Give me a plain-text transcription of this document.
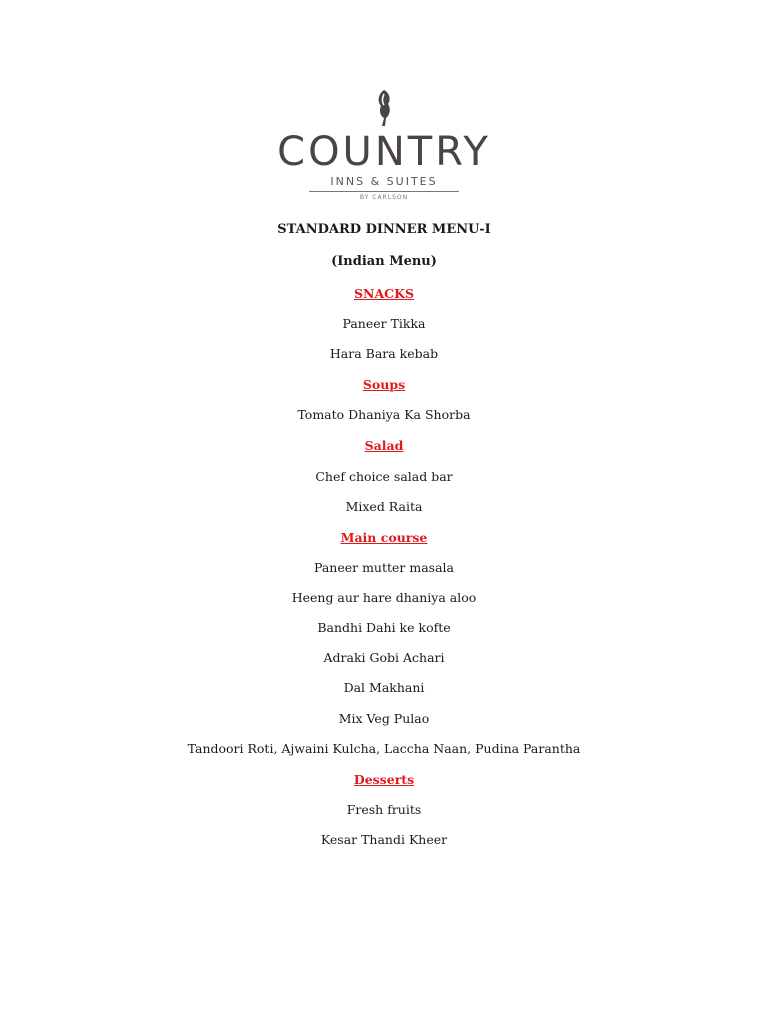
COUNTRY
INNS & SUITES
BY CARLSON

STANDARD DINNER MENU-I

(Indian Menu)

SNACKS

Paneer Tikka

Hara Bara kebab

Soups

Tomato Dhaniya Ka Shorba

Salad

Chef choice salad bar

Mixed Raita

Main course

Paneer mutter masala

Heeng aur hare dhaniya aloo

Bandhi Dahi ke kofte

Adraki Gobi Achari

Dal Makhani

Mix Veg Pulao

Tandoori Roti, Ajwaini Kulcha, Laccha Naan, Pudina Parantha

Desserts

Fresh fruits

Kesar Thandi Kheer
